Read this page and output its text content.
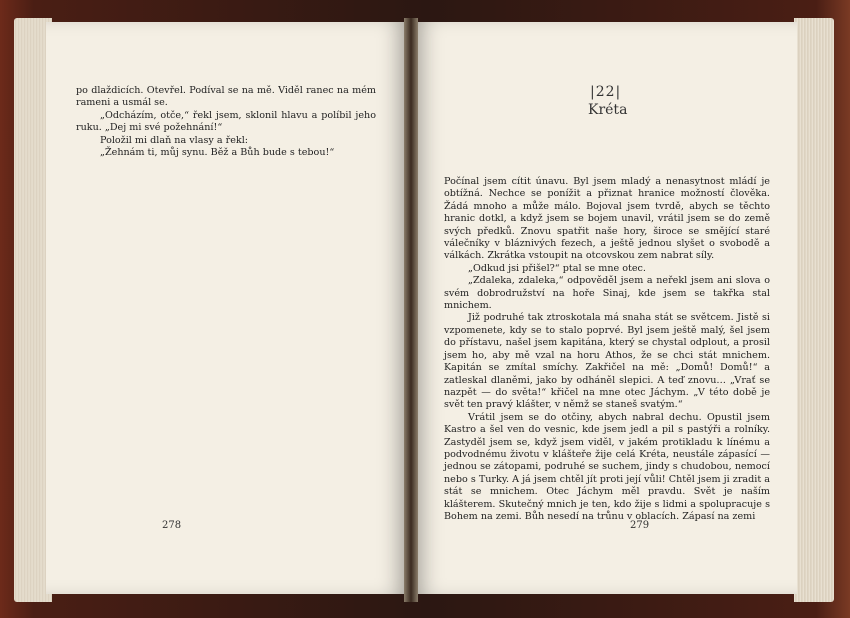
po dlaždicích. Otevřel. Podíval se na mě. Viděl ranec na mém rameni a usmál se.

„Odcházím, otče,“ řekl jsem, sklonil hlavu a políbil jeho ruku. „Dej mi své požehnání!“

Položil mi dlaň na vlasy a řekl:

„Žehnám ti, můj synu. Běž a Bůh bude s tebou!“

278
|22|
Kréta

Počínal jsem cítit únavu. Byl jsem mladý a nenasytnost mládí je obtížná. Nechce se ponížit a přiznat hranice možností člověka. Žádá mnoho a může málo. Bojoval jsem tvrdě, abych se těchto hranic dotkl, a když jsem se bojem unavil, vrátil jsem se do země svých předků. Znovu spatřit naše hory, široce se smějící staré válečníky v bláznivých fezech, a ještě jednou slyšet o svobodě a válkách. Zkrátka vstoupit na otcovskou zem nabrat síly.

„Odkud jsi přišel?“ ptal se mne otec.

„Zdaleka, zdaleka,“ odpověděl jsem a neřekl jsem ani slova o svém dobrodružství na hoře Sinaj, kde jsem se takřka stal mnichem.

Již podruhé tak ztroskotala má snaha stát se světcem. Jistě si vzpomenete, kdy se to stalo poprvé. Byl jsem ještě malý, šel jsem do přístavu, našel jsem kapitána, který se chystal odplout, a prosil jsem ho, aby mě vzal na horu Athos, že se chci stát mnichem. Kapitán se zmítal smíchy. Zakřičel na mě: „Domů! Domů!“ a zatleskal dlaněmi, jako by odháněl slepici. A teď znovu… „Vrať se nazpět — do světa!“ křičel na mne otec Jáchym. „V této době je svět ten pravý klášter, v němž se staneš svatým.“

Vrátil jsem se do otčiny, abych nabral dechu. Opustil jsem Kastro a šel ven do vesnic, kde jsem jedl a pil s pastýři a rolníky. Zastyděl jsem se, když jsem viděl, v jakém protikladu k línému a podvodnému životu v klášteře žije celá Kréta, neustále zápasící — jednou se zátopami, podruhé se suchem, jindy s chudobou, nemocí nebo s Turky. A já jsem chtěl jít proti její vůli! Chtěl jsem ji zradit a stát se mnichem. Otec Jáchym měl pravdu. Svět je naším klášterem. Skutečný mnich je ten, kdo žije s lidmi a spolupracuje s Bohem na zemi. Bůh nesedí na trůnu v oblacích. Zápasí na zemi

279
